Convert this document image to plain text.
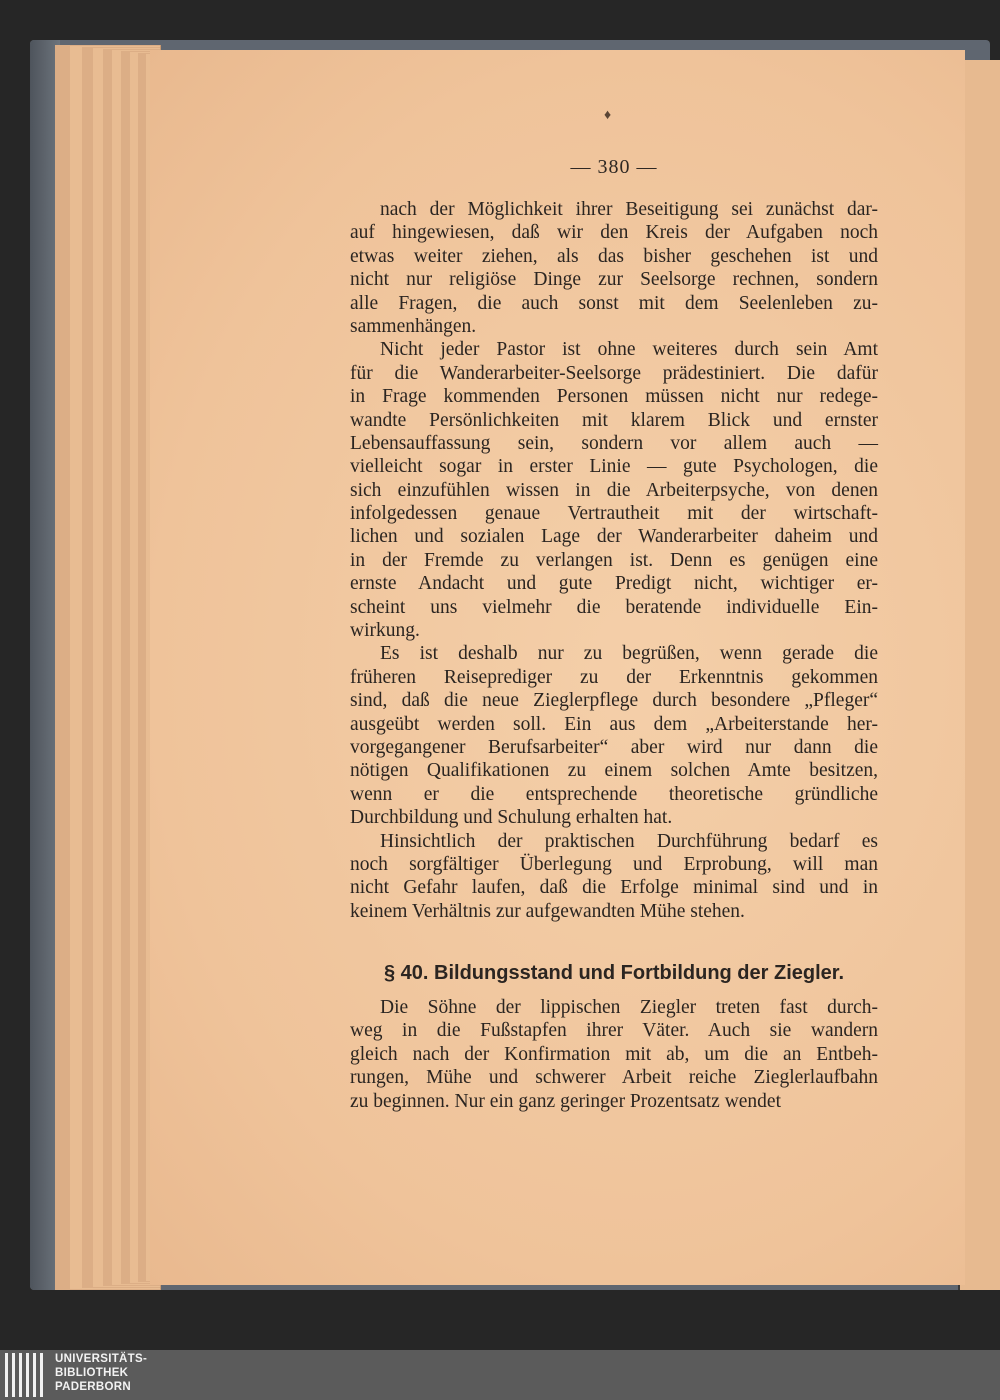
♦
— 380 —
nach der Möglichkeit ihrer Beseitigung sei zunächst dar-
auf hingewiesen, daß wir den Kreis der Aufgaben noch
etwas weiter ziehen, als das bisher geschehen ist und
nicht nur religiöse Dinge zur Seelsorge rechnen, sondern
alle Fragen, die auch sonst mit dem Seelenleben zu-
sammenhängen.
Nicht jeder Pastor ist ohne weiteres durch sein Amt
für die Wanderarbeiter-Seelsorge prädestiniert. Die dafür
in Frage kommenden Personen müssen nicht nur redege-
wandte Persönlichkeiten mit klarem Blick und ernster
Lebensauffassung sein, sondern vor allem auch —
vielleicht sogar in erster Linie — gute Psychologen, die
sich einzufühlen wissen in die Arbeiterpsyche, von denen
infolgedessen genaue Vertrautheit mit der wirtschaft-
lichen und sozialen Lage der Wanderarbeiter daheim und
in der Fremde zu verlangen ist. Denn es genügen eine
ernste Andacht und gute Predigt nicht, wichtiger er-
scheint uns vielmehr die beratende individuelle Ein-
wirkung.
Es ist deshalb nur zu begrüßen, wenn gerade die
früheren Reiseprediger zu der Erkenntnis gekommen
sind, daß die neue Zieglerpflege durch besondere „Pfleger“
ausgeübt werden soll. Ein aus dem „Arbeiterstande her-
vorgegangener Berufsarbeiter“ aber wird nur dann die
nötigen Qualifikationen zu einem solchen Amte besitzen,
wenn er die entsprechende theoretische gründliche
Durchbildung und Schulung erhalten hat.
Hinsichtlich der praktischen Durchführung bedarf es
noch sorgfältiger Überlegung und Erprobung, will man
nicht Gefahr laufen, daß die Erfolge minimal sind und in
keinem Verhältnis zur aufgewandten Mühe stehen.
§ 40. Bildungsstand und Fortbildung der Ziegler.
Die Söhne der lippischen Ziegler treten fast durch-
weg in die Fußstapfen ihrer Väter. Auch sie wandern
gleich nach der Konfirmation mit ab, um die an Entbeh-
rungen, Mühe und schwerer Arbeit reiche Zieglerlaufbahn
zu beginnen. Nur ein ganz geringer Prozentsatz wendet
UNIVERSITÄTS-
BIBLIOTHEK
PADERBORN
